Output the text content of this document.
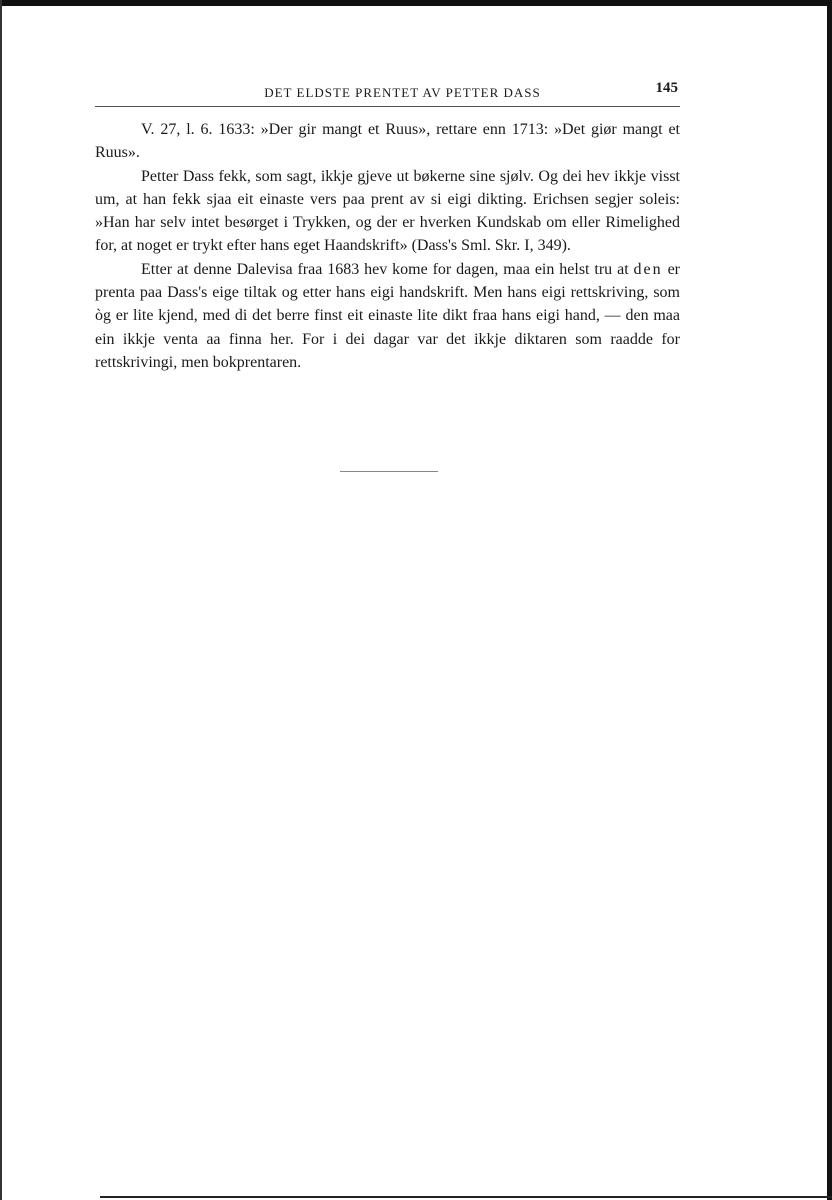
DET ELDSTE PRENTET AV PETTER DASS	145

V. 27, l. 6. 1633: »Der gir mangt et Ruus», rettare enn 1713: »Det giør mangt et Ruus».

Petter Dass fekk, som sagt, ikkje gjeve ut bøkerne sine sjølv. Og dei hev ikkje visst um, at han fekk sjaa eit einaste vers paa prent av si eigi dikting. Erichsen segjer soleis: »Han har selv intet besørget i Trykken, og der er hverken Kundskab om eller Rimelighed for, at noget er trykt efter hans eget Haandskrift» (Dass's Sml. Skr. I, 349).

Etter at denne Dalevisa fraa 1683 hev kome for dagen, maa ein helst tru at den er prenta paa Dass's eige tiltak og etter hans eigi handskrift. Men hans eigi rettskriving, som òg er lite kjend, med di det berre finst eit einaste lite dikt fraa hans eigi hand, — den maa ein ikkje venta aa finna her. For i dei dagar var det ikkje diktaren som raadde for rettskrivingi, men bokprentaren.
